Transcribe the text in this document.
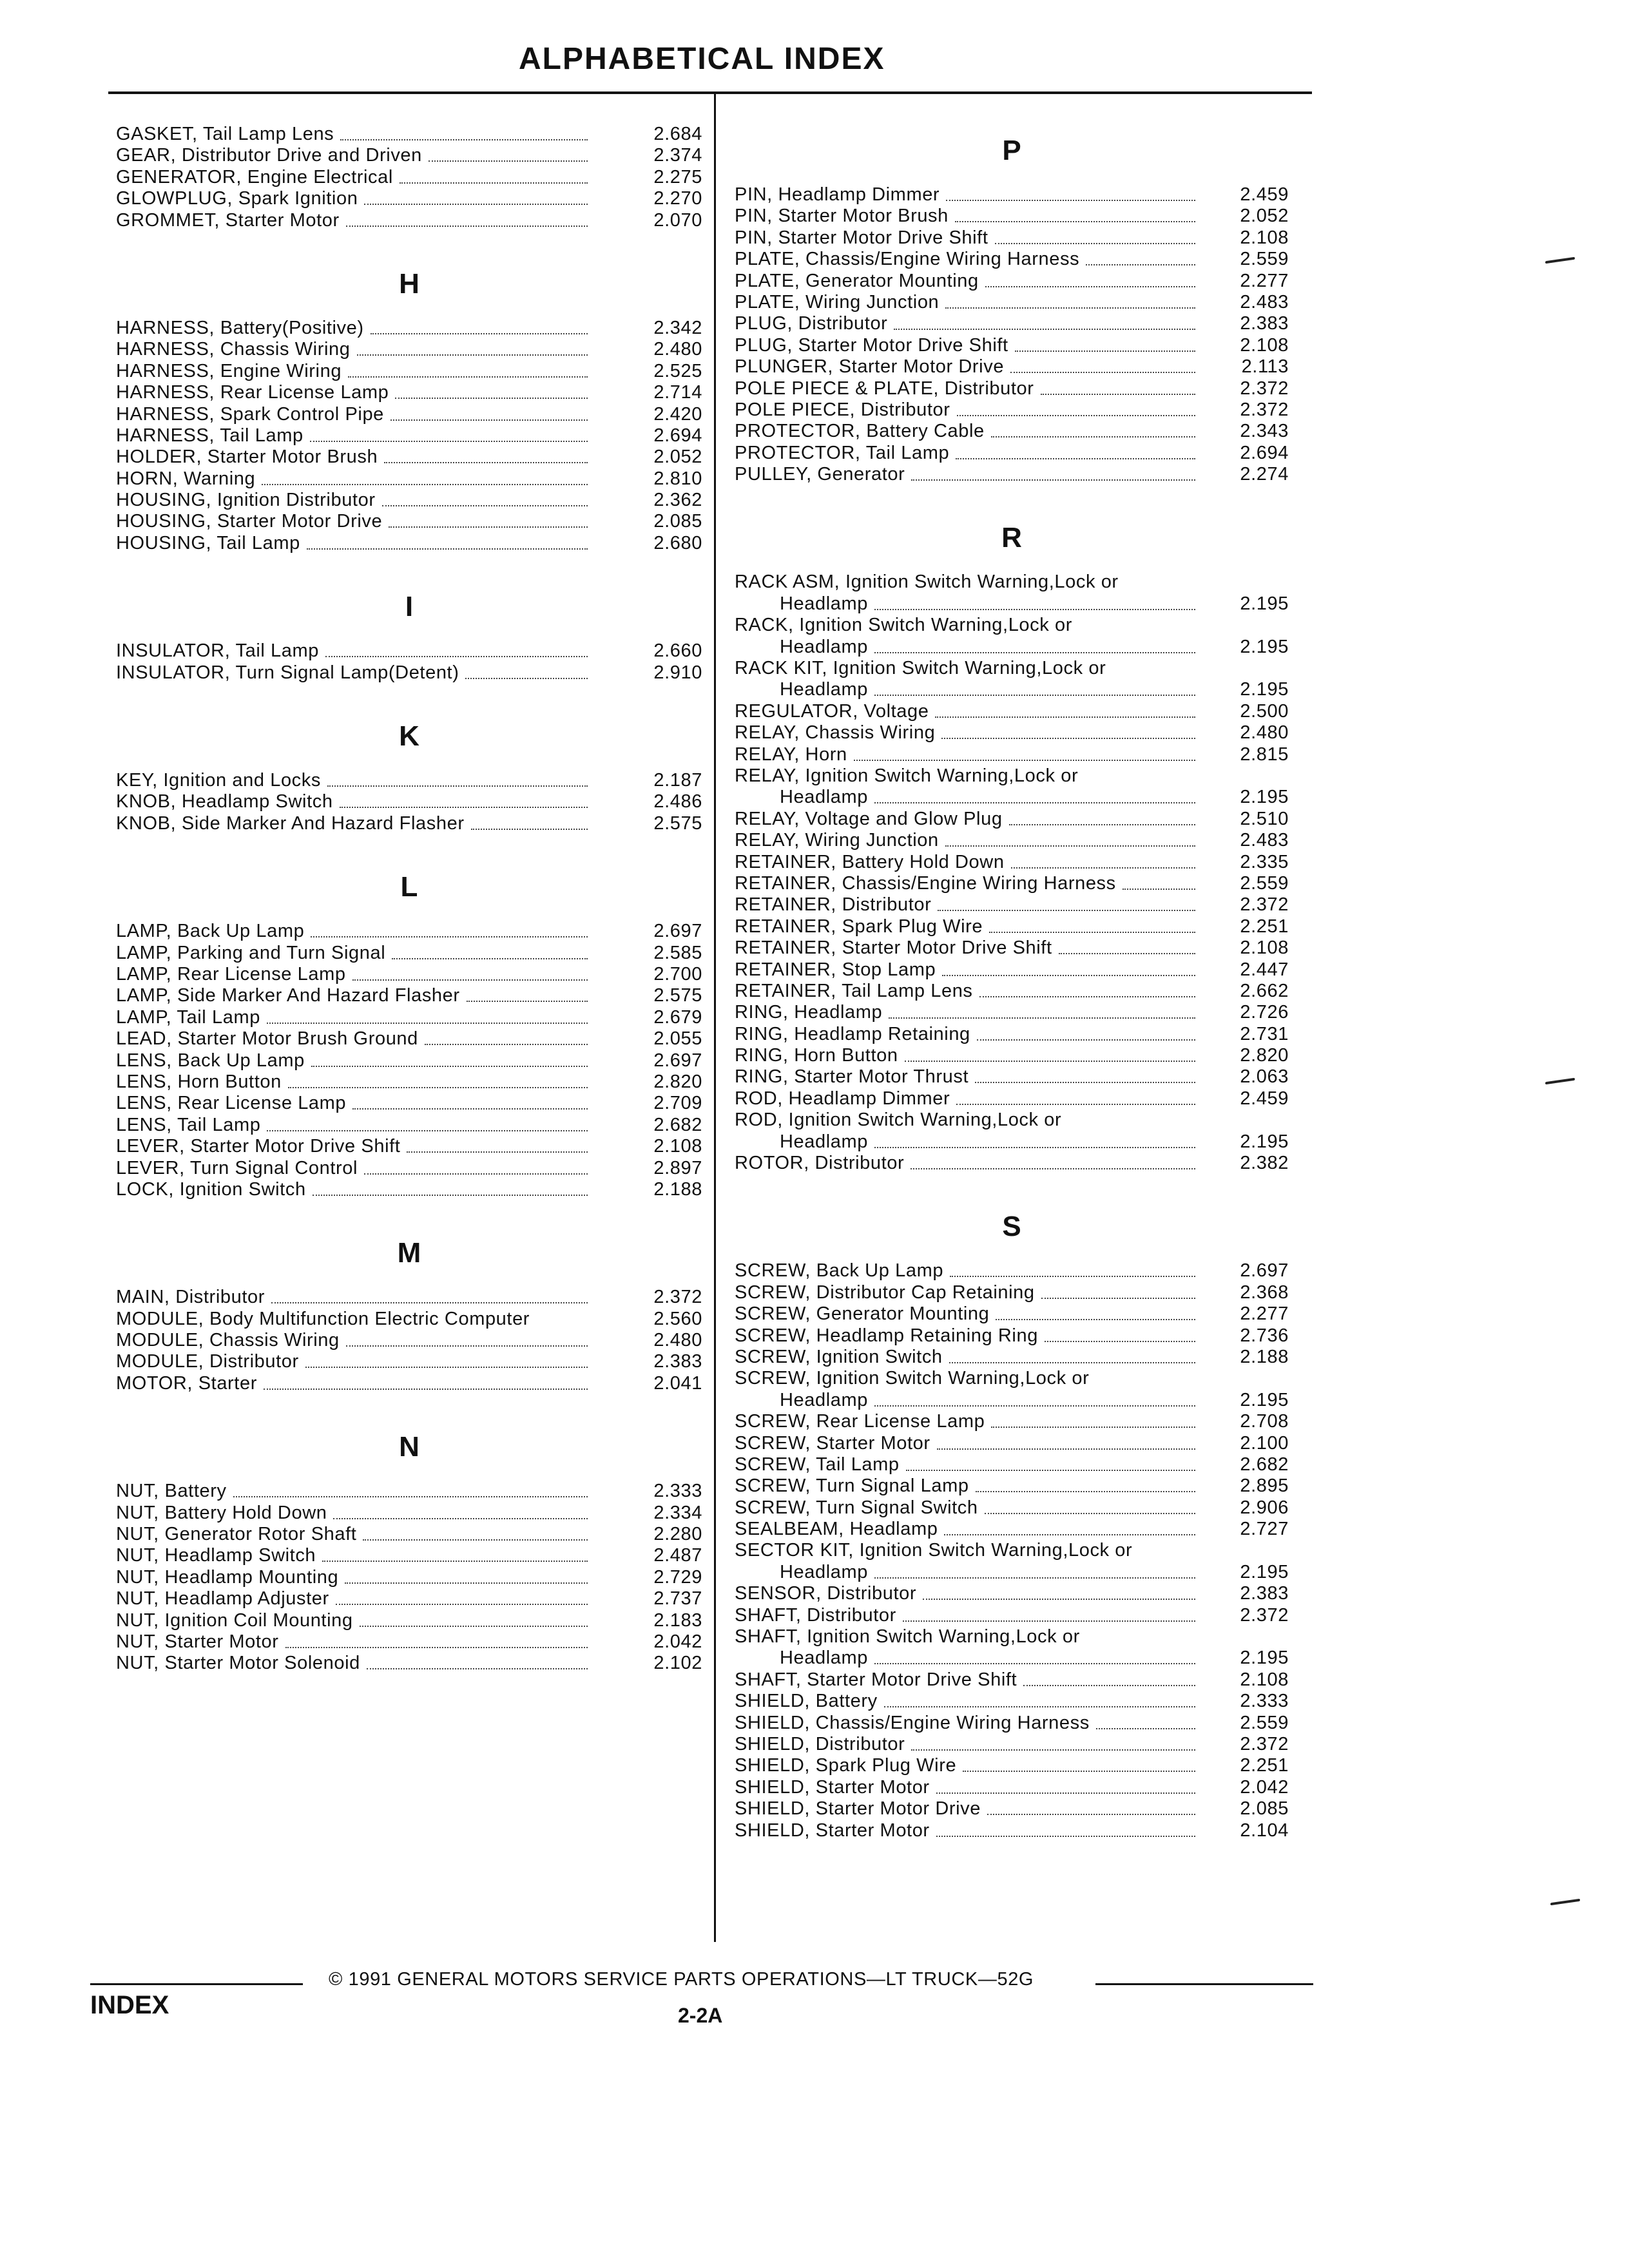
ALPHABETICAL INDEX
GASKET, Tail Lamp Lens	2.684
GEAR, Distributor Drive and Driven	2.374
GENERATOR, Engine Electrical	2.275
GLOWPLUG, Spark Ignition	2.270
GROMMET, Starter Motor	2.070
H
HARNESS, Battery(Positive)	2.342
HARNESS, Chassis Wiring	2.480
HARNESS, Engine Wiring	2.525
HARNESS, Rear License Lamp	2.714
HARNESS, Spark Control Pipe	2.420
HARNESS, Tail Lamp	2.694
HOLDER, Starter Motor Brush	2.052
HORN, Warning	2.810
HOUSING, Ignition Distributor	2.362
HOUSING, Starter Motor Drive	2.085
HOUSING, Tail Lamp	2.680
I
INSULATOR, Tail Lamp	2.660
INSULATOR, Turn Signal Lamp(Detent)	2.910
K
KEY, Ignition and Locks	2.187
KNOB, Headlamp Switch	2.486
KNOB, Side Marker And Hazard Flasher	2.575
L
LAMP, Back Up Lamp	2.697
LAMP, Parking and Turn Signal	2.585
LAMP, Rear License Lamp	2.700
LAMP, Side Marker And Hazard Flasher	2.575
LAMP, Tail Lamp	2.679
LEAD, Starter Motor Brush Ground	2.055
LENS, Back Up Lamp	2.697
LENS, Horn Button	2.820
LENS, Rear License Lamp	2.709
LENS, Tail Lamp	2.682
LEVER, Starter Motor Drive Shift	2.108
LEVER, Turn Signal Control	2.897
LOCK, Ignition Switch	2.188
M
MAIN, Distributor	2.372
MODULE, Body Multifunction Electric Computer	2.560
MODULE, Chassis Wiring	2.480
MODULE, Distributor	2.383
MOTOR, Starter	2.041
N
NUT, Battery	2.333
NUT, Battery Hold Down	2.334
NUT, Generator Rotor Shaft	2.280
NUT, Headlamp Switch	2.487
NUT, Headlamp Mounting	2.729
NUT, Headlamp Adjuster	2.737
NUT, Ignition Coil Mounting	2.183
NUT, Starter Motor	2.042
NUT, Starter Motor Solenoid	2.102
P
PIN, Headlamp Dimmer	2.459
PIN, Starter Motor Brush	2.052
PIN, Starter Motor Drive Shift	2.108
PLATE, Chassis/Engine Wiring Harness	2.559
PLATE, Generator Mounting	2.277
PLATE, Wiring Junction	2.483
PLUG, Distributor	2.383
PLUG, Starter Motor Drive Shift	2.108
PLUNGER, Starter Motor Drive	2.113
POLE PIECE & PLATE, Distributor	2.372
POLE PIECE, Distributor	2.372
PROTECTOR, Battery Cable	2.343
PROTECTOR, Tail Lamp	2.694
PULLEY, Generator	2.274
R
RACK ASM, Ignition Switch Warning,Lock or
Headlamp	2.195
RACK, Ignition Switch Warning,Lock or
Headlamp	2.195
RACK KIT, Ignition Switch Warning,Lock or
Headlamp	2.195
REGULATOR, Voltage	2.500
RELAY, Chassis Wiring	2.480
RELAY, Horn	2.815
RELAY, Ignition Switch Warning,Lock or
Headlamp	2.195
RELAY, Voltage and Glow Plug	2.510
RELAY, Wiring Junction	2.483
RETAINER, Battery Hold Down	2.335
RETAINER, Chassis/Engine Wiring Harness	2.559
RETAINER, Distributor	2.372
RETAINER, Spark Plug Wire	2.251
RETAINER, Starter Motor Drive Shift	2.108
RETAINER, Stop Lamp	2.447
RETAINER, Tail Lamp Lens	2.662
RING, Headlamp	2.726
RING, Headlamp Retaining	2.731
RING, Horn Button	2.820
RING, Starter Motor Thrust	2.063
ROD, Headlamp Dimmer	2.459
ROD, Ignition Switch Warning,Lock or
Headlamp	2.195
ROTOR, Distributor	2.382
S
SCREW, Back Up Lamp	2.697
SCREW, Distributor Cap Retaining	2.368
SCREW, Generator Mounting	2.277
SCREW, Headlamp Retaining Ring	2.736
SCREW, Ignition Switch	2.188
SCREW, Ignition Switch Warning,Lock or
Headlamp	2.195
SCREW, Rear License Lamp	2.708
SCREW, Starter Motor	2.100
SCREW, Tail Lamp	2.682
SCREW, Turn Signal Lamp	2.895
SCREW, Turn Signal Switch	2.906
SEALBEAM, Headlamp	2.727
SECTOR KIT, Ignition Switch Warning,Lock or
Headlamp	2.195
SENSOR, Distributor	2.383
SHAFT, Distributor	2.372
SHAFT, Ignition Switch Warning,Lock or
Headlamp	2.195
SHAFT, Starter Motor Drive Shift	2.108
SHIELD, Battery	2.333
SHIELD, Chassis/Engine Wiring Harness	2.559
SHIELD, Distributor	2.372
SHIELD, Spark Plug Wire	2.251
SHIELD, Starter Motor	2.042
SHIELD, Starter Motor Drive	2.085
SHIELD, Starter Motor	2.104
© 1991 GENERAL MOTORS SERVICE PARTS OPERATIONS—LT TRUCK—52G
INDEX	2-2A
